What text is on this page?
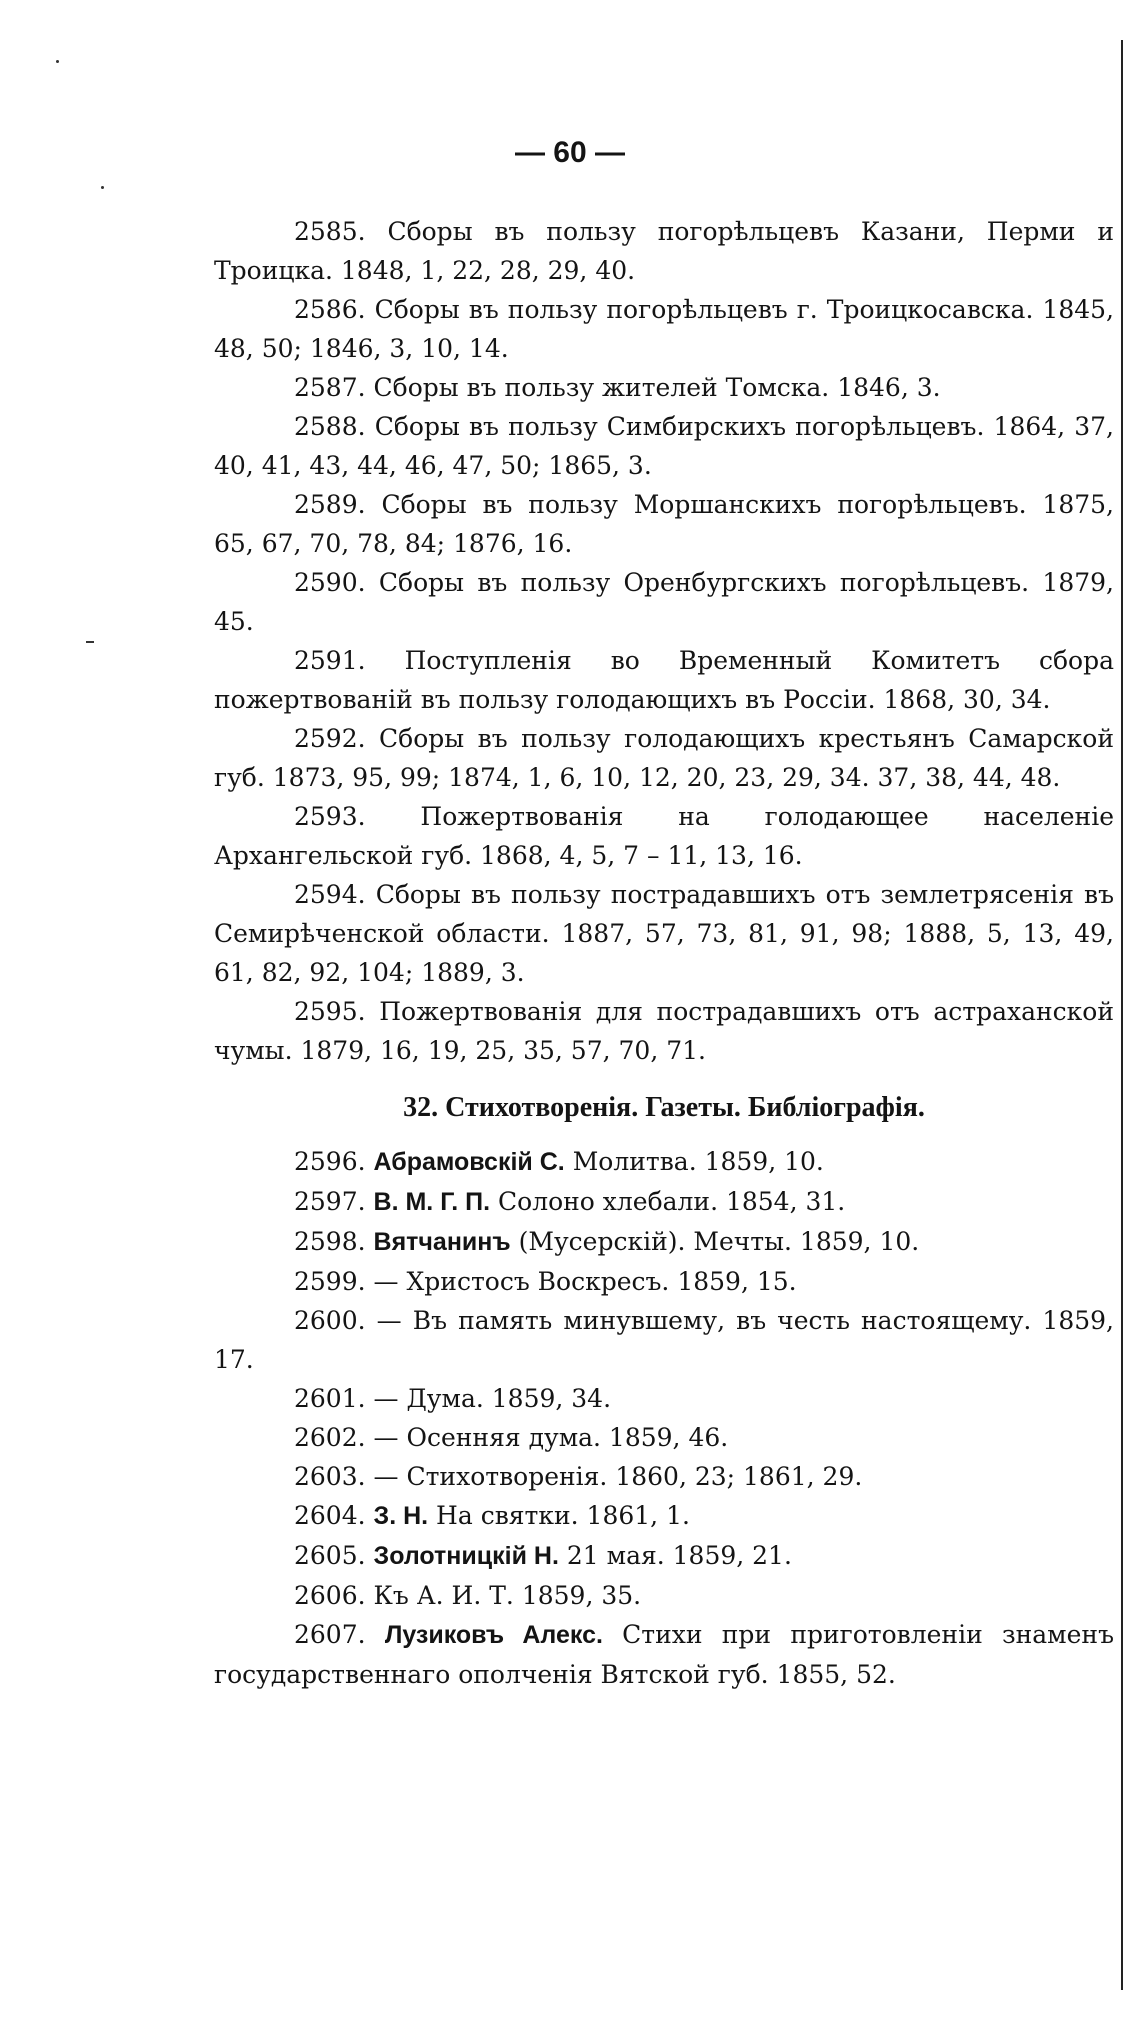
— 60 —
2585. Сборы въ пользу погорѣльцевъ Казани, Перми и Троицка. 1848, 1, 22, 28, 29, 40.
2586. Сборы въ пользу погорѣльцевъ г. Троицкосавска. 1845, 48, 50; 1846, 3, 10, 14.
2587. Сборы въ пользу жителей Томска. 1846, 3.
2588. Сборы въ пользу Симбирскихъ погорѣльцевъ. 1864, 37, 40, 41, 43, 44, 46, 47, 50; 1865, 3.
2589. Сборы въ пользу Моршанскихъ погорѣльцевъ. 1875, 65, 67, 70, 78, 84; 1876, 16.
2590. Сборы въ пользу Оренбургскихъ погорѣльцевъ. 1879, 45.
2591. Поступленія во Временный Комитетъ сбора пожертвованій въ пользу голодающихъ въ Россіи. 1868, 30, 34.
2592. Сборы въ пользу голодающихъ крестьянъ Самарской губ. 1873, 95, 99; 1874, 1, 6, 10, 12, 20, 23, 29, 34. 37, 38, 44, 48.
2593. Пожертвованія на голодающее населеніе Архангельской губ. 1868, 4, 5, 7 – 11, 13, 16.
2594. Сборы въ пользу пострадавшихъ отъ землетрясенія въ Семирѣченской области. 1887, 57, 73, 81, 91, 98; 1888, 5, 13, 49, 61, 82, 92, 104; 1889, 3.
2595. Пожертвованія для пострадавшихъ отъ астраханской чумы. 1879, 16, 19, 25, 35, 57, 70, 71.
32. Стихотворенія. Газеты. Библіографія.
2596. Абрамовскій С. Молитва. 1859, 10.
2597. В. М. Г. П. Солоно хлебали. 1854, 31.
2598. Вятчанинъ (Мусерскій). Мечты. 1859, 10.
2599. — Христосъ Воскресъ. 1859, 15.
2600. — Въ память минувшему, въ честь настоящему. 1859, 17.
2601. — Дума. 1859, 34.
2602. — Осенняя дума. 1859, 46.
2603. — Стихотворенія. 1860, 23; 1861, 29.
2604. З. Н. На святки. 1861, 1.
2605. Золотницкій Н. 21 мая. 1859, 21.
2606. Къ А. И. Т. 1859, 35.
2607. Лузиковъ Алекс. Стихи при приготовленіи знаменъ государственнаго ополченія Вятской губ. 1855, 52.
